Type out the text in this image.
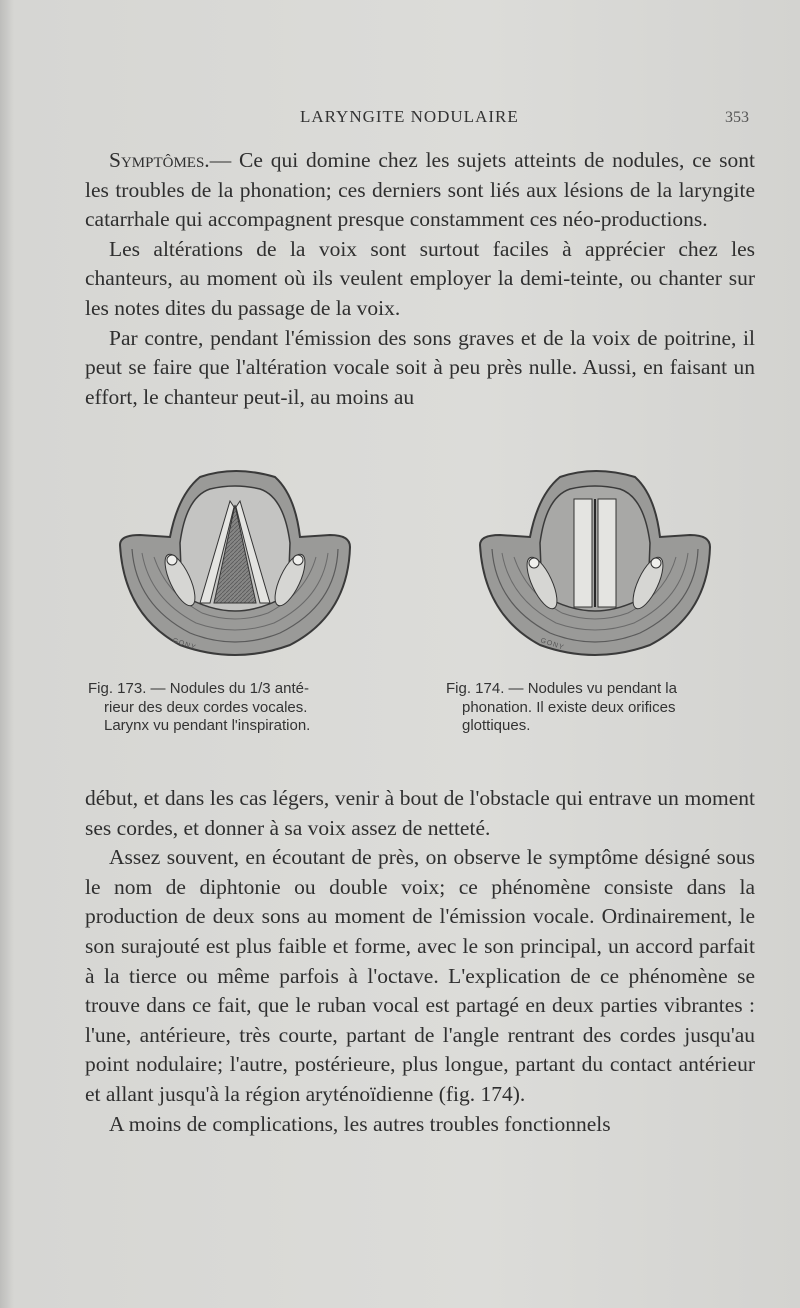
LARYNGITE NODULAIRE	353

Symptômes.— Ce qui domine chez les sujets atteints de nodules, ce sont les troubles de la phonation; ces derniers sont liés aux lésions de la laryngite catarrhale qui accompagnent presque constamment ces néo-productions.

Les altérations de la voix sont surtout faciles à apprécier chez les chanteurs, au moment où ils veulent employer la demi-teinte, ou chanter sur les notes dites du passage de la voix.

Par contre, pendant l'émission des sons graves et de la voix de poitrine, il peut se faire que l'altération vocale soit à peu près nulle. Aussi, en faisant un effort, le chanteur peut-il, au moins au

GONY	GONY
Fig. 173. — Nodules du 1/3 anté-
rieur des deux cordes vocales.
Larynx vu pendant l'inspiration.
Fig. 174. — Nodules vu pendant la
phonation. Il existe deux orifices
glottiques.

début, et dans les cas légers, venir à bout de l'obstacle qui entrave un moment ses cordes, et donner à sa voix assez de netteté.

Assez souvent, en écoutant de près, on observe le symptôme désigné sous le nom de diphtonie ou double voix; ce phénomène consiste dans la production de deux sons au moment de l'émission vocale. Ordinairement, le son surajouté est plus faible et forme, avec le son principal, un accord parfait à la tierce ou même parfois à l'octave. L'explication de ce phénomène se trouve dans ce fait, que le ruban vocal est partagé en deux parties vibrantes : l'une, antérieure, très courte, partant de l'angle rentrant des cordes jusqu'au point nodulaire; l'autre, postérieure, plus longue, partant du contact antérieur et allant jusqu'à la région aryténoïdienne (fig. 174).

A moins de complications, les autres troubles fonctionnels
